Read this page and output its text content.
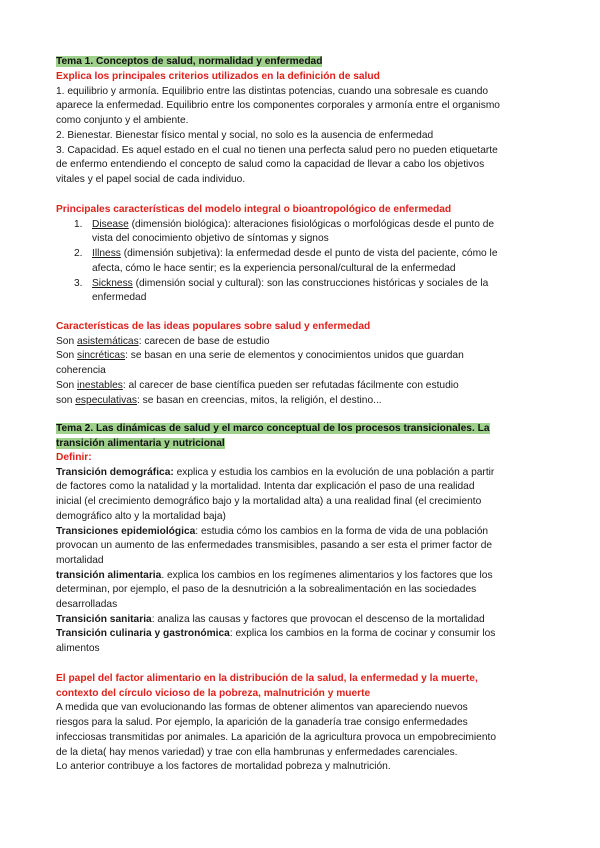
Tema 1. Conceptos de salud, normalidad y enfermedad
Explica los principales criterios utilizados en la definición de salud
1. equilibrio y armonía. Equilibrio entre las distintas potencias, cuando una sobresale es cuando
aparece la enfermedad. Equilibrio entre los componentes corporales y armonía entre el organismo
como conjunto y el ambiente.
2. Bienestar. Bienestar físico mental y social, no solo es la ausencia de enfermedad
3. Capacidad. Es aquel estado en el cual no tienen una perfecta salud pero no pueden etiquetarte
de enfermo entendiendo el concepto de salud como la capacidad de llevar a cabo los objetivos
vitales y el papel social de cada individuo.
Principales características del modelo integral o bioantropológico de enfermedad
1. Disease (dimensión biológica): alteraciones fisiológicas o morfológicas desde el punto de
vista del conocimiento objetivo de síntomas y signos
2. Illness (dimensión subjetiva): la enfermedad desde el punto de vista del paciente, cómo le
afecta, cómo le hace sentir; es la experiencia personal/cultural de la enfermedad
3. Sickness (dimensión social y cultural): son las construcciones históricas y sociales de la
enfermedad
Características de las ideas populares sobre salud y enfermedad
Son asistemáticas: carecen de base de estudio
Son sincréticas: se basan en una serie de elementos y conocimientos unidos que guardan
coherencia
Son inestables: al carecer de base científica pueden ser refutadas fácilmente con estudio
son especulativas: se basan en creencias, mitos, la religión, el destino...
Tema 2. Las dinámicas de salud y el marco conceptual de los procesos transicionales. La
transición alimentaria y nutricional
Definir:
Transición demográfica: explica y estudia los cambios en la evolución de una población a partir
de factores como la natalidad y la mortalidad. Intenta dar explicación el paso de una realidad
inicial (el crecimiento demográfico bajo y la mortalidad alta) a una realidad final (el crecimiento
demográfico alto y la mortalidad baja)
Transiciones epidemiológica: estudia cómo los cambios en la forma de vida de una población
provocan un aumento de las enfermedades transmisibles, pasando a ser esta el primer factor de
mortalidad
transición alimentaria. explica los cambios en los regímenes alimentarios y los factores que los
determinan, por ejemplo, el paso de la desnutrición a la sobrealimentación en las sociedades
desarrolladas
Transición sanitaria: analiza las causas y factores que provocan el descenso de la mortalidad
Transición culinaria y gastronómica: explica los cambios en la forma de cocinar y consumir los
alimentos
El papel del factor alimentario en la distribución de la salud, la enfermedad y la muerte,
contexto del círculo vicioso de la pobreza, malnutrición y muerte
A medida que van evolucionando las formas de obtener alimentos van apareciendo nuevos
riesgos para la salud. Por ejemplo, la aparición de la ganadería trae consigo enfermedades
infecciosas transmitidas por animales. La aparición de la agricultura provoca un empobrecimiento
de la dieta( hay menos variedad) y trae con ella hambrunas y enfermedades carenciales.
Lo anterior contribuye a los factores de mortalidad pobreza y malnutrición.
